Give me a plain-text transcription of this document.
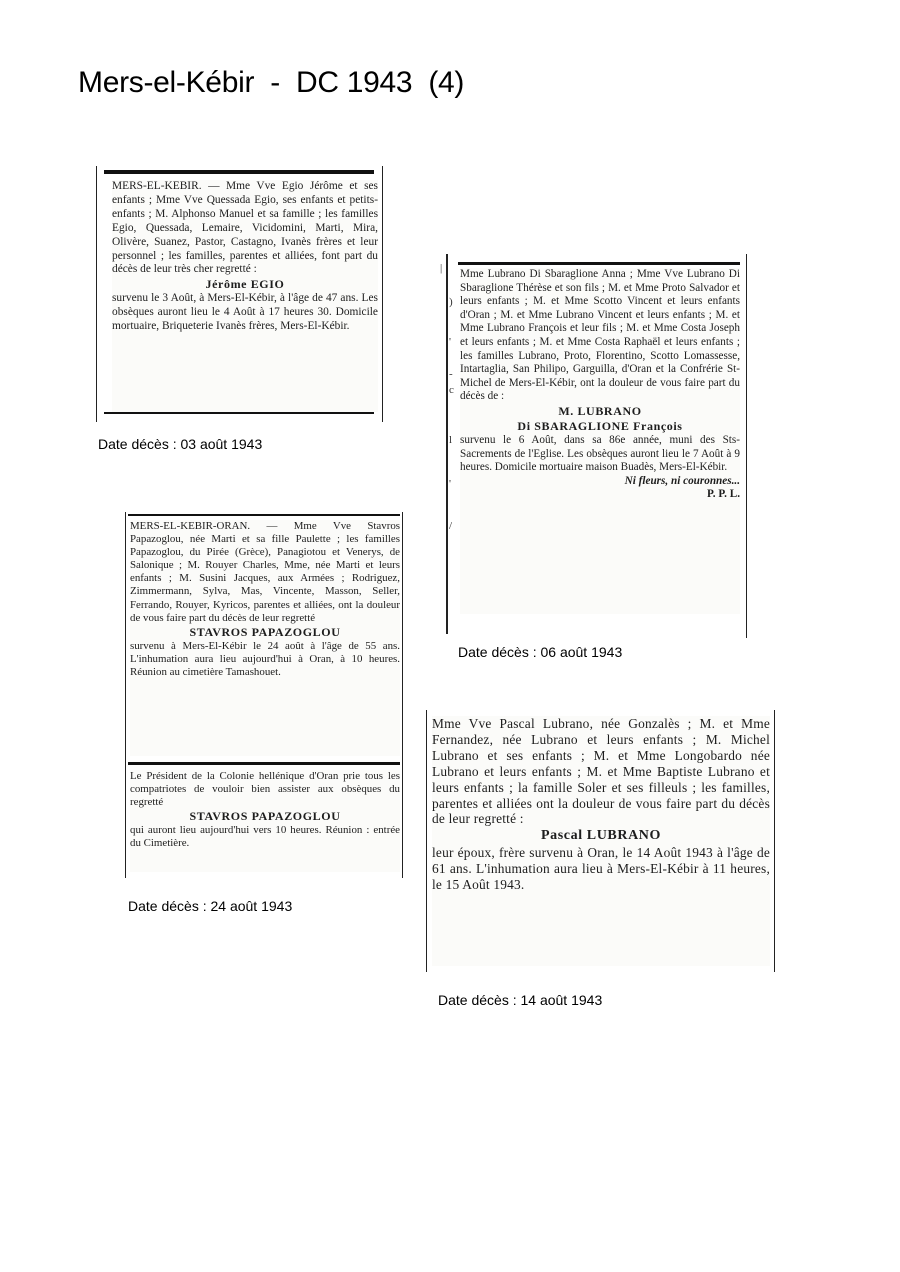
Mers-el-Kébir  -  DC 1943  (4)

MERS-EL-KEBIR. — Mme Vve Egio Jérôme et ses enfants ; Mme Vve Quessada Egio, ses enfants et petits-enfants ; M. Alphonso Manuel et sa famille ; les familles Egio, Quessada, Lemaire, Vicidomini, Marti, Mira, Olivère, Suanez, Pastor, Castagno, Ivanès frères et leur personnel ; les familles, parentes et alliées, font part du décès de leur très cher regretté :

Jérôme EGIO

survenu le 3 Août, à Mers-El-Kébir, à l'âge de 47 ans. Les obsèques auront lieu le 4 Août à 17 heures 30. Domicile mortuaire, Briqueterie Ivanès frères, Mers-El-Kébir.

Date décès : 03 août 1943
|
)
'
-
c
l
'
/

Mme Lubrano Di Sbaraglione Anna ; Mme Vve Lubrano Di Sbaraglione Thérèse et son fils ; M. et Mme Proto Salvador et leurs enfants ; M. et Mme Scotto Vincent et leurs enfants d'Oran ; M. et Mme Lubrano Vincent et leurs enfants ; M. et Mme Lubrano François et leur fils ; M. et Mme Costa Joseph et leurs enfants ; M. et Mme Costa Raphaël et leurs enfants ; les familles Lubrano, Proto, Florentino, Scotto Lomassesse, Intartaglia, San Philipo, Garguilla, d'Oran et la Confrérie St-Michel de Mers-El-Kébir, ont la douleur de vous faire part du décès de :

M. LUBRANO

Di SBARAGLIONE François

survenu le 6 Août, dans sa 86e année, muni des Sts-Sacrements de l'Eglise. Les obsèques auront lieu le 7 Août à 9 heures. Domicile mortuaire maison Buadès, Mers-El-Kébir.

Ni fleurs, ni couronnes...

P. P. L.

Date décès : 06 août 1943

MERS-EL-KEBIR-ORAN. — Mme Vve Stavros Papazoglou, née Marti et sa fille Paulette ; les familles Papazoglou, du Pirée (Grèce), Panagiotou et Venerys, de Salonique ; M. Rouyer Charles, Mme, née Marti et leurs enfants ; M. Susini Jacques, aux Armées ; Rodriguez, Zimmermann, Sylva, Mas, Vincente, Masson, Seller, Ferrando, Rouyer, Kyricos, parentes et alliées, ont la douleur de vous faire part du décès de leur regretté

STAVROS PAPAZOGLOU

survenu à Mers-El-Kébir le 24 août à l'âge de 55 ans. L'inhumation aura lieu aujourd'hui à Oran, à 10 heures. Réunion au cimetière Tamashouet.

Le Président de la Colonie hellénique d'Oran prie tous les compatriotes de vouloir bien assister aux obsèques du regretté

STAVROS PAPAZOGLOU

qui auront lieu aujourd'hui vers 10 heures. Réunion : entrée du Cimetière.

Date décès : 24 août 1943

Mme Vve Pascal Lubrano, née Gonzalès ; M. et Mme Fernandez, née Lubrano et leurs enfants ; M. Michel Lubrano et ses enfants ; M. et Mme Longobardo née Lubrano et leurs enfants ; M. et Mme Baptiste Lubrano et leurs enfants ; la famille Soler et ses filleuls ; les familles, parentes et alliées ont la douleur de vous faire part du décès de leur regretté :

Pascal LUBRANO

leur époux, frère survenu à Oran, le 14 Août 1943 à l'âge de 61 ans. L'inhumation aura lieu à Mers-El-Kébir à 11 heures, le 15 Août 1943.

Date décès : 14 août 1943
